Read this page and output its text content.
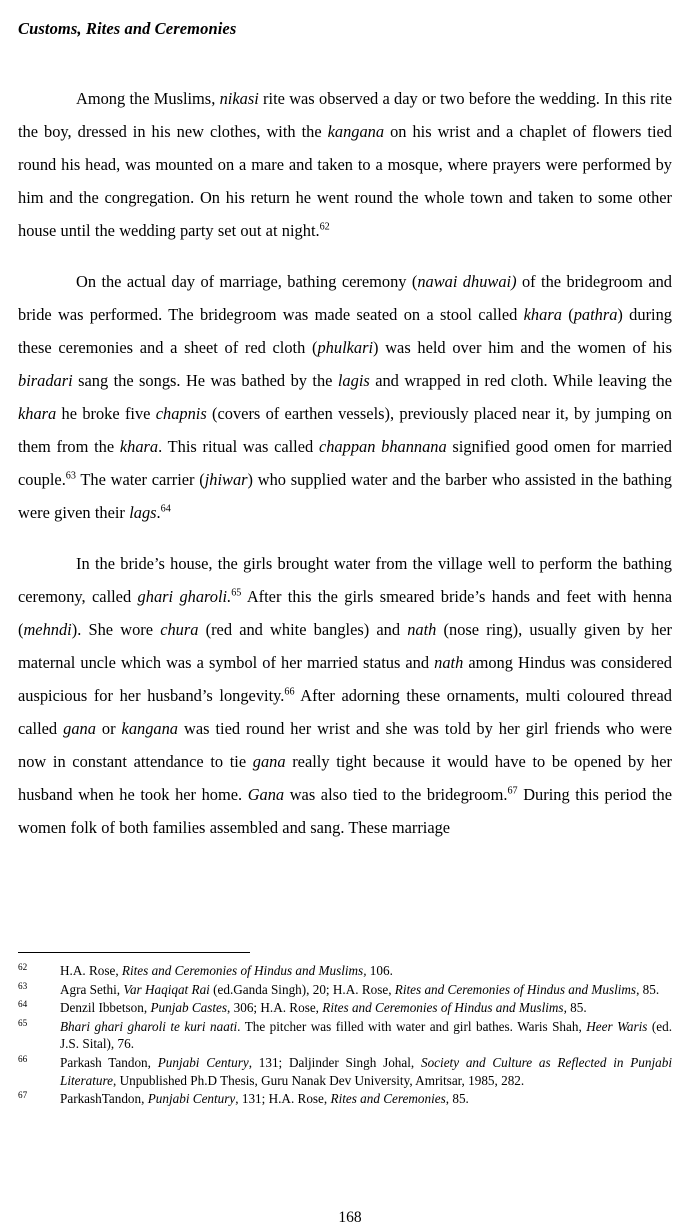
Customs, Rites and Ceremonies

Among the Muslims, nikasi rite was observed a day or two before the wedding. In this rite the boy, dressed in his new clothes, with the kangana on his wrist and a chaplet of flowers tied round his head, was mounted on a mare and taken to a mosque, where prayers were performed by him and the congregation. On his return he went round the whole town and taken to some other house until the wedding party set out at night.$^{62}$

On the actual day of marriage, bathing ceremony (nawai dhuwai) of the bridegroom and bride was performed. The bridegroom was made seated on a stool called khara (pathra) during these ceremonies and a sheet of red cloth (phulkari) was held over him and the women of his biradari sang the songs. He was bathed by the lagis and wrapped in red cloth. While leaving the khara he broke five chapnis (covers of earthen vessels), previously placed near it, by jumping on them from the khara. This ritual was called chappan bhannana signified good omen for married couple.$^{63}$ The water carrier (jhiwar) who supplied water and the barber who assisted in the bathing were given their lags.$^{64}$

In the bride’s house, the girls brought water from the village well to perform the bathing ceremony, called ghari gharoli.$^{65}$ After this the girls smeared bride’s hands and feet with henna (mehndi). She wore chura (red and white bangles) and nath (nose ring), usually given by her maternal uncle which was a symbol of her married status and nath among Hindus was considered auspicious for her husband’s longevity.$^{66}$ After adorning these ornaments, multi coloured thread called gana or kangana was tied round her wrist and she was told by her girl friends who were now in constant attendance to tie gana really tight because it would have to be opened by her husband when he took her home. Gana was also tied to the bridegroom.$^{67}$ During this period the women folk of both families assembled and sang. These marriage

62	H.A. Rose, Rites and Ceremonies of Hindus and Muslims, 106.
63	Agra Sethi, Var Haqiqat Rai (ed.Ganda Singh), 20; H.A. Rose, Rites and Ceremonies of Hindus and Muslims, 85.
64	Denzil Ibbetson, Punjab Castes, 306; H.A. Rose, Rites and Ceremonies of Hindus and Muslims, 85.
65	Bhari ghari gharoli te kuri naati. The pitcher was filled with water and girl bathes. Waris Shah, Heer Waris (ed. J.S. Sital), 76.
66	Parkash Tandon, Punjabi Century, 131; Daljinder Singh Johal, Society and Culture as Reflected in Punjabi Literature, Unpublished Ph.D Thesis, Guru Nanak Dev University, Amritsar, 1985, 282.
67	ParkashTandon, Punjabi Century, 131; H.A. Rose, Rites and Ceremonies, 85.
168
